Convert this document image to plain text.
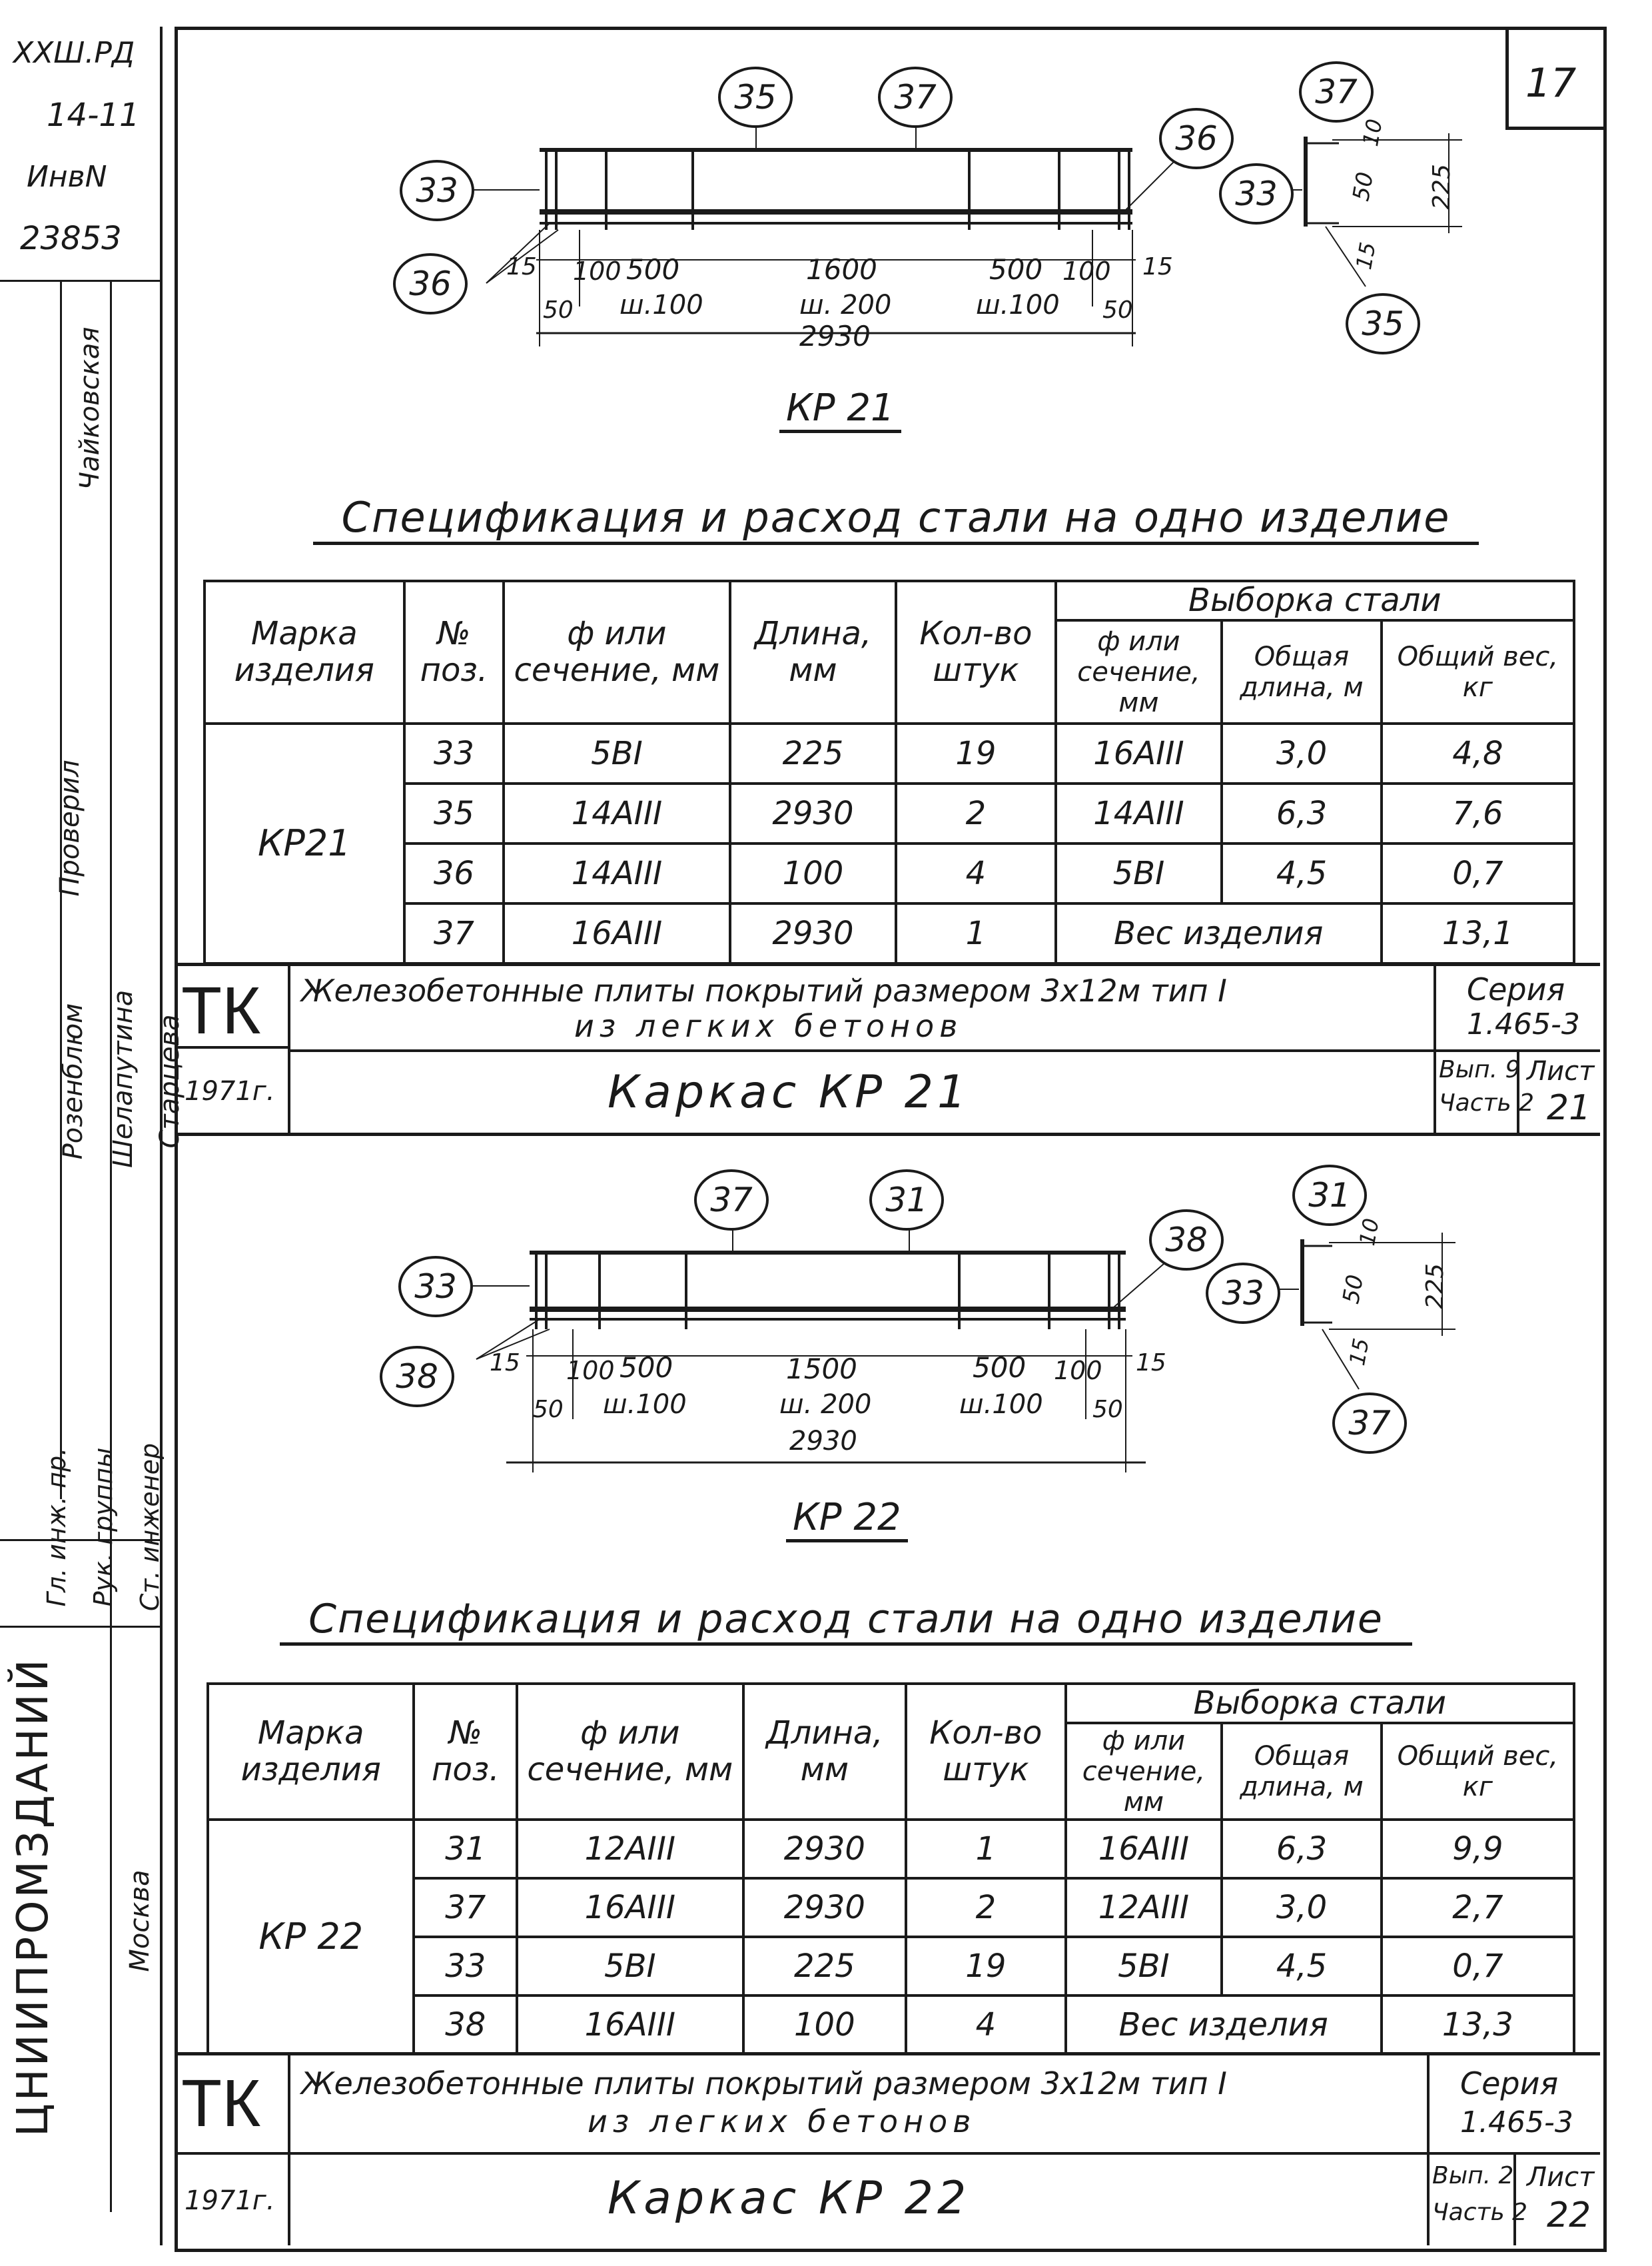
17
ХХШ.РД
14-11
ИнвN
23853
Чайковская
Проверил
Розенблюм Шелапутина Старцева
Ст. инженер
Рук. группы
Гл. инж. пр.
ЦНИИПРОМЗДАНИЙ	Москва
35	37
36
33
36
37
33
35
15 100 500	1600	500 100 15
50 ш.100	ш. 200	ш.100 50
2930
10
50 225
15
КР 21
Спецификация и расход стали на одно изделие
Марка изделия	№ поз.	ф или сечение, мм	Длина, мм	Кол-во штук	Выборка стали		
					ф или сечение, мм	Общая длина, м	Общий вес, кг
КР21	33	5ВI	225	19	16АIII	3,0	4,8
	35	14АIII	2930	2	14АIII	6,3	7,6
	36	14АIII	100	4	5ВI	4,5	0,7
	37	16АIII	2930	1	Вес изделия		13,1
ТК Железобетонные плиты покрытий размером 3х12м тип I
из легких бетонов
Серия
1.465-3
1971г.	Каркас КР 21	Вып. 9
Часть 2
Лист
21
37	31
38
33
38
31
33
37
15 100 500	1500	500 100 15
50 ш.100	ш. 200	ш.100 50
2930
10
50 225
15
КР 22
Спецификация и расход стали на одно изделие
Марка изделия	№ поз.	ф или сечение, мм	Длина, мм	Кол-во штук	Выборка стали		
					ф или сечение, мм	Общая длина, м	Общий вес, кг
КР 22	31	12АIII	2930	1	16АIII	6,3	9,9
	37	16АIII	2930	2	12АIII	3,0	2,7
	33	5ВI	225	19	5ВI	4,5	0,7
	38	16АIII	100	4	Вес изделия		13,3
ТК Железобетонные плиты покрытий размером 3х12м тип I
из легких бетонов
Серия
1.465-3
1971г.	Каркас КР 22	Вып. 2
Часть 2
Лист
22
